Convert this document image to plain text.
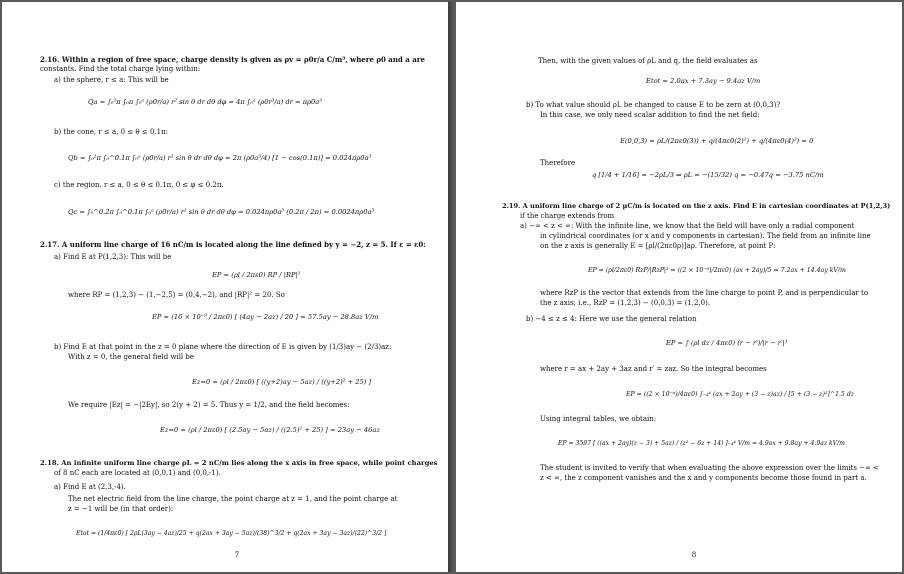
2.16. Within a region of free space, charge density is given as ρv = ρ0r/a C/m³, where ρ0 and a are
constants. Find the total charge lying within:
a) the sphere, r ≤ a: This will be
Qa = ∫₀²π ∫₀π ∫₀ᵃ (ρ0r/a) r² sin θ dr dθ dφ = 4π ∫₀ᵃ (ρ0r³/a) dr = πρ0a³
b) the cone, r ≤ a, 0 ≤ θ ≤ 0.1π:
Qb = ∫₀²π ∫₀^0.1π ∫₀ᵃ (ρ0r/a) r² sin θ dr dθ dφ = 2π (ρ0a³/4) [1 − cos(0.1π)] = 0.024πρ0a³
c) the region, r ≤ a, 0 ≤ θ ≤ 0.1π, 0 ≤ φ ≤ 0.2π.
Qc = ∫₀^0.2π ∫₀^0.1π ∫₀ᵃ (ρ0r/a) r² sin θ dr dθ dφ = 0.024πρ0a³ (0.2π / 2π) = 0.0024πρ0a³
2.17. A uniform line charge of 16 nC/m is located along the line defined by y = −2, z = 5. If ε = ε0:
a) Find E at P(1,2,3): This will be
EP = (ρl / 2πε0) RP / |RP|²
where RP = (1,2,3) − (1,−2,5) = (0,4,−2), and |RP|² = 20. So
EP = (16 × 10⁻⁹ / 2πε0) [ (4ay − 2az) / 20 ] = 57.5ay − 28.8az V/m
b) Find E at that point in the z = 0 plane where the direction of E is given by (1/3)ay − (2/3)az:
With z = 0, the general field will be
Ez=0 = (ρl / 2πε0) [ ((y+2)ay − 5az) / ((y+2)² + 25) ]
We require |Ez| = −|2Ey|, so 2(y + 2) = 5. Thus y = 1/2, and the field becomes:
Ez=0 = (ρl / 2πε0) [ (2.5ay − 5az) / ((2.5)² + 25) ] = 23ay − 46az
2.18. An infinite uniform line charge ρL = 2 nC/m lies along the x axis in free space, while point charges
of 8 nC each are located at (0,0,1) and (0,0,-1).
a) Find E at (2,3,-4).
The net electric field from the line charge, the point charge at z = 1, and the point charge at
z = −1 will be (in that order):
Etot = (1/4πε0) [ 2ρL(3ay − 4az)/25 + q(2ax + 3ay − 5az)/(38)^3/2 + q(2ax + 3ay − 3az)/(22)^3/2 ]
7
Then, with the given values of ρL and q, the field evaluates as
Etot = 2.0ax + 7.3ay − 9.4az V/m
b) To what value should ρL be changed to cause E to be zero at (0,0,3)?
In this case, we only need scalar addition to find the net field:
E(0,0,3) = ρL/(2πε0(3)) + q/(4πε0(2)²) + q/(4πε0(4)²) = 0
Therefore
q [1/4 + 1/16] = −2ρL/3 ⇒ ρL = −(15/32) q = −0.47q = −3.75 nC/m
2.19. A uniform line charge of 2 μC/m is located on the z axis. Find E in cartesian coordinates at P(1,2,3)
if the charge extends from
a) −∞ < z < ∞: With the infinite line, we know that the field will have only a radial component
in cylindrical coordinates (or x and y components in cartesian). The field from an infinite line
on the z axis is generally E = [ρl/(2πε0ρ)]aρ. Therefore, at point P:
EP = (ρl/2πε0) RzP/|RzP|² = ((2 × 10⁻⁶)/2πε0) (ax + 2ay)/5 = 7.2ax + 14.4ay kV/m
where RzP is the vector that extends from the line charge to point P, and is perpendicular to
the z axis; i.e., RzP = (1,2,3) − (0,0,3) = (1,2,0).
b) −4 ≤ z ≤ 4: Here we use the general relation
EP = ∫ (ρl dz / 4πε0) (r − r′)/|r − r′|³
where r = ax + 2ay + 3az and r′ = zaz. So the integral becomes
EP = ((2 × 10⁻⁶)/4πε0) ∫₋₄⁴ (ax + 2ay + (3 − z)az) / [5 + (3 − z)²]^1.5 dz
Using integral tables, we obtain:
EP = 3597 [ ((ax + 2ay)(z − 3) + 5az) / (z² − 6z + 14) ]₋₄⁴ V/m = 4.9ax + 9.8ay + 4.9az kV/m
The student is invited to verify that when evaluating the above expression over the limits −∞ <
z < ∞, the z component vanishes and the x and y components become those found in part a.
8
